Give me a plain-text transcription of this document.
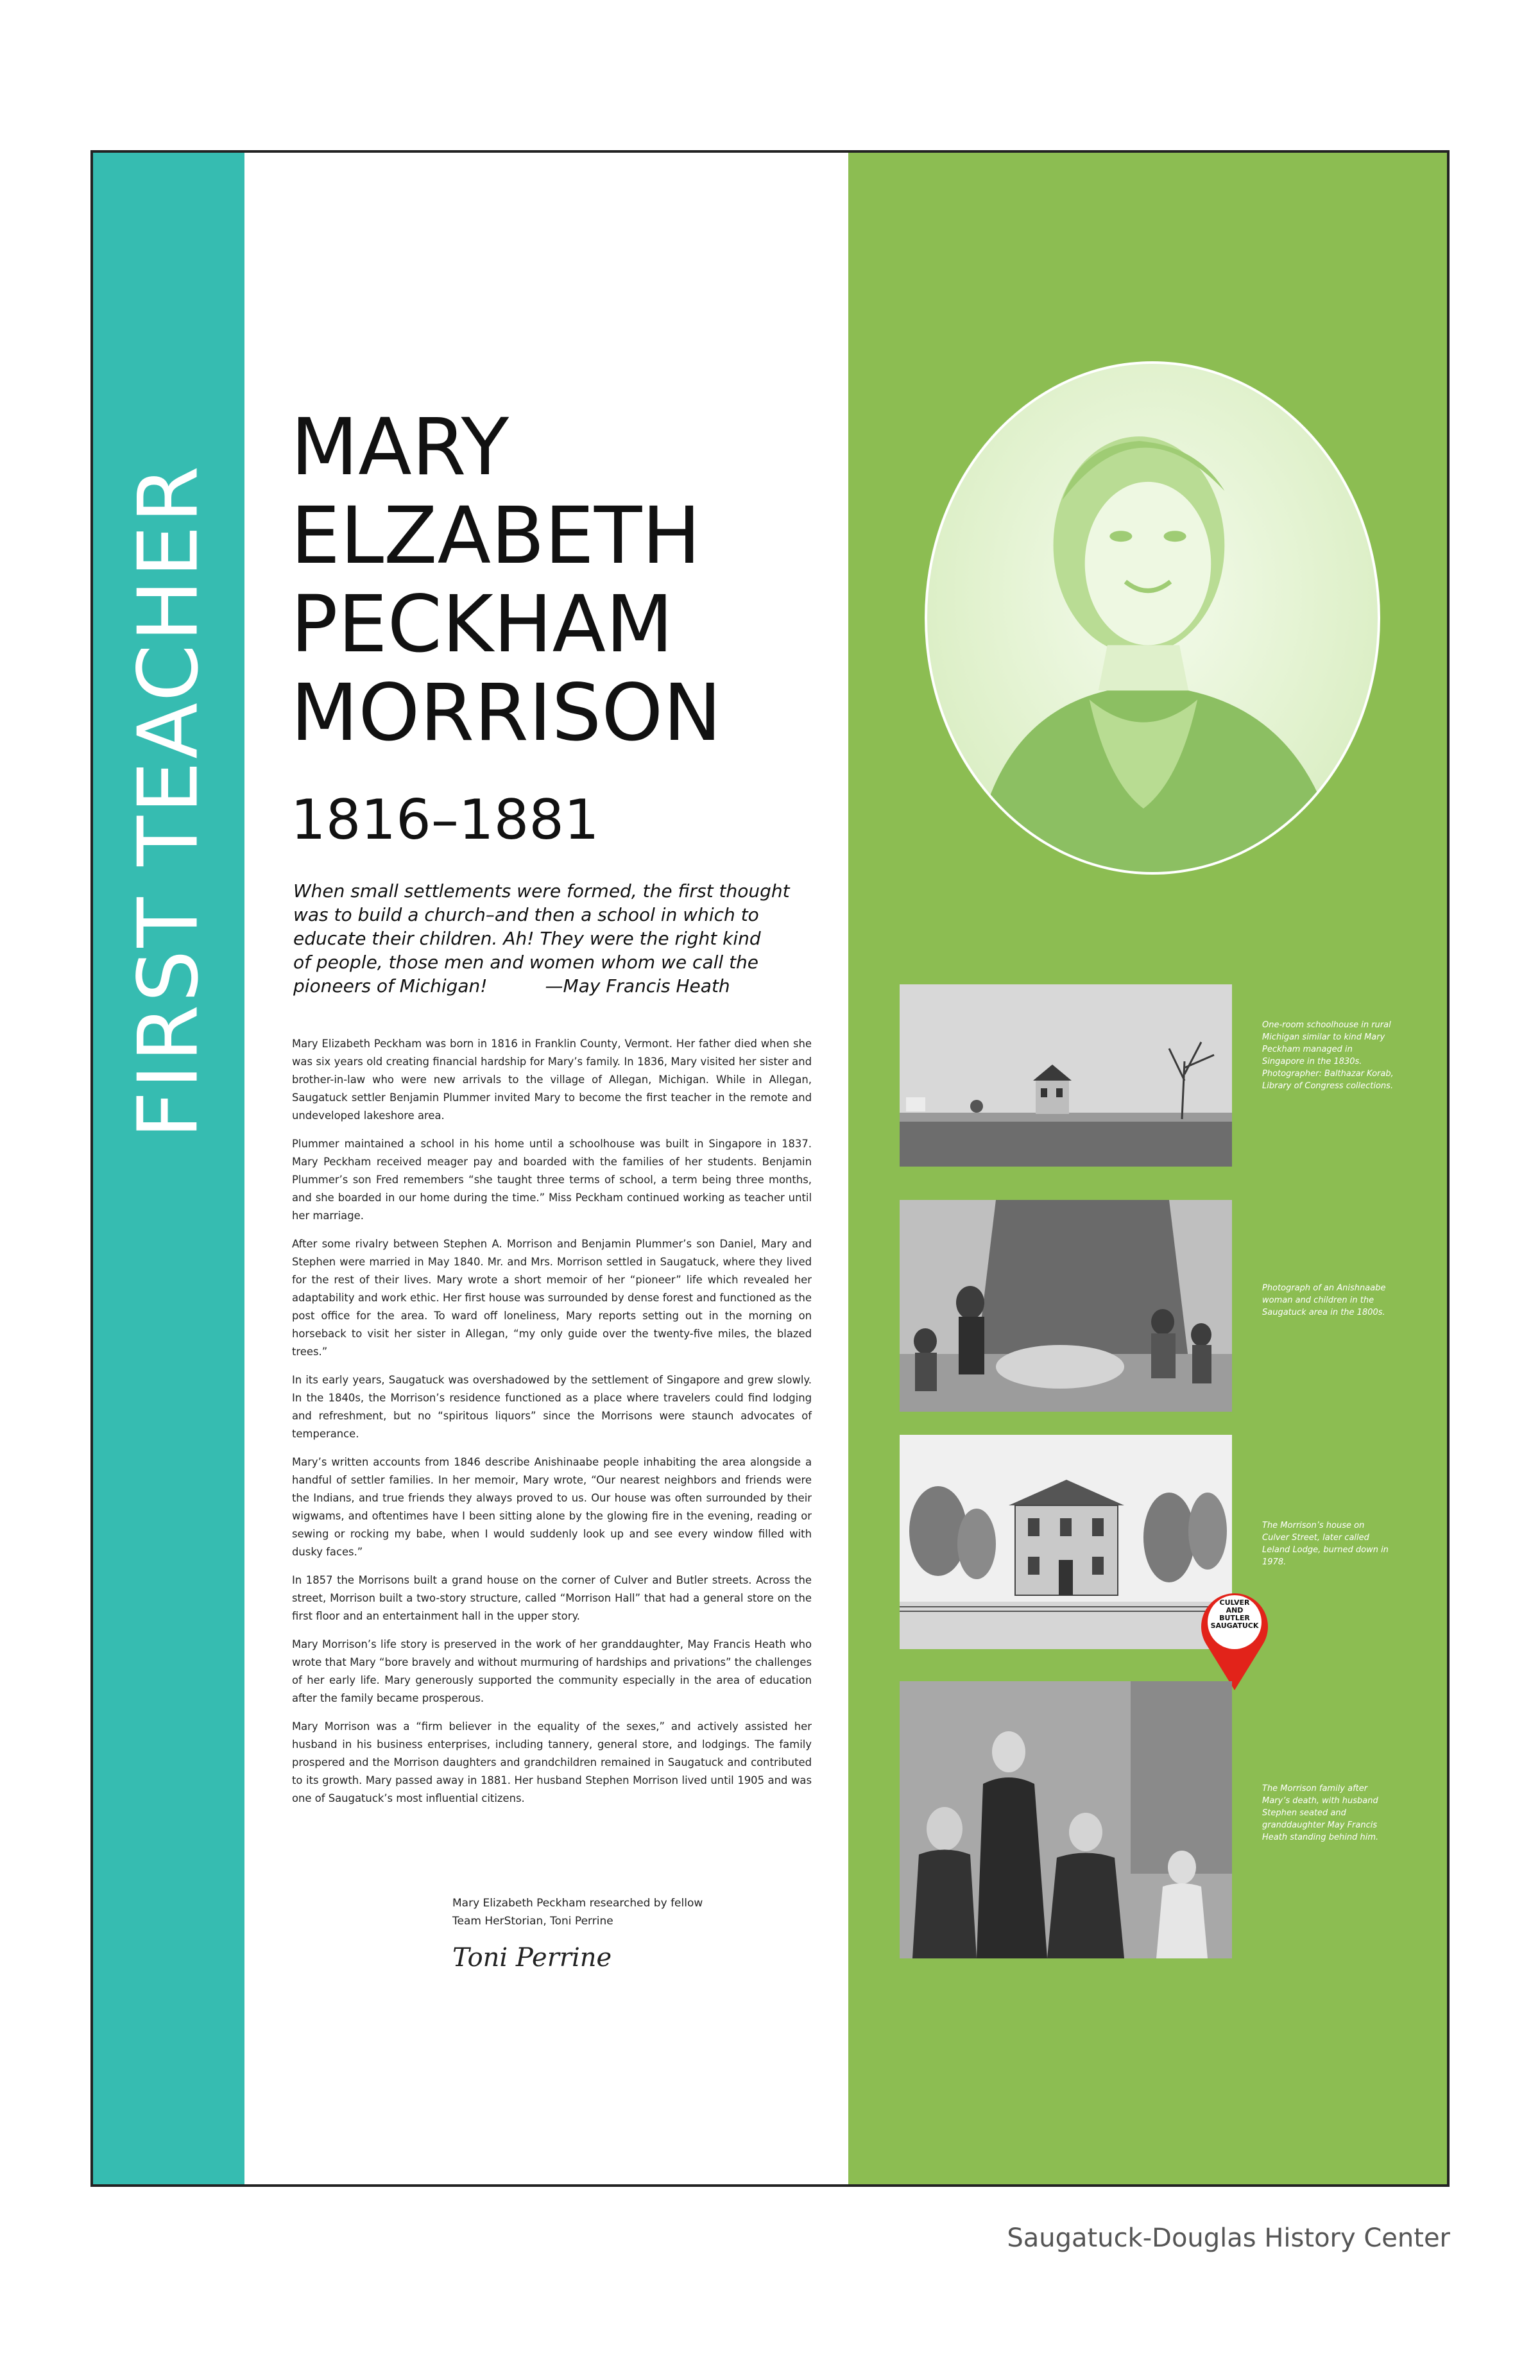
FIRST TEACHER
MARY
ELZABETH
PECKHAM
MORRISON
1816–1881
When small settlements were formed, the first thought
was to build a church–and then a school in which to
educate their children. Ah! They were the right kind
of people, those men and women whom we call the
pioneers of Michigan!	—May Francis Heath

Mary Elizabeth Peckham was born in 1816 in Franklin County, Vermont. Her father died when she was six years old creating financial hardship for Mary’s family. In 1836, Mary visited her sister and brother-in-law who were new arrivals to the village of Allegan, Michigan. While in Allegan, Saugatuck settler Benjamin Plummer invited Mary to become the first teacher in the remote and undeveloped lakeshore area.

Plummer maintained a school in his home until a schoolhouse was built in Singapore in 1837. Mary Peckham received meager pay and boarded with the families of her students. Benjamin Plummer’s son Fred remembers “she taught three terms of school, a term being three months, and she boarded in our home during the time.” Miss Peckham continued working as teacher until her marriage.

After some rivalry between Stephen A. Morrison and Benjamin Plummer’s son Daniel, Mary and Stephen were married in May 1840. Mr. and Mrs. Morrison settled in Saugatuck, where they lived for the rest of their lives. Mary wrote a short memoir of her “pioneer” life which revealed her adaptability and work ethic. Her first house was surrounded by dense forest and functioned as the post office for the area. To ward off loneliness, Mary reports setting out in the morning on horseback to visit her sister in Allegan, “my only guide over the twenty-five miles, the blazed trees.”

In its early years, Saugatuck was overshadowed by the settlement of Singapore and grew slowly. In the 1840s, the Morrison’s residence functioned as a place where travelers could find lodging and refreshment, but no “spiritous liquors” since the Morrisons were staunch advocates of temperance.

Mary’s written accounts from 1846 describe Anishinaabe people inhabiting the area alongside a handful of settler families. In her memoir, Mary wrote, “Our nearest neighbors and friends were the Indians, and true friends they always proved to us. Our house was often surrounded by their wigwams, and oftentimes have I been sitting alone by the glowing fire in the evening, reading or sewing or rocking my babe, when I would suddenly look up and see every window filled with dusky faces.”

In 1857 the Morrisons built a grand house on the corner of Culver and Butler streets. Across the street, Morrison built a two-story structure, called “Morrison Hall” that had a general store on the first floor and an entertainment hall in the upper story.

Mary Morrison’s life story is preserved in the work of her granddaughter, May Francis Heath who wrote that Mary “bore bravely and without murmuring of hardships and privations” the challenges of her early life. Mary generously supported the community especially in the area of education after the family became prosperous.

Mary Morrison was a “firm believer in the equality of the sexes,” and actively assisted her husband in his business enterprises, including tannery, general store, and lodgings. The family prospered and the Morrison daughters and grandchildren remained in Saugatuck and contributed to its growth. Mary passed away in 1881. Her husband Stephen Morrison lived until 1905 and was one of Saugatuck’s most influential citizens.

Mary Elizabeth Peckham researched by fellow
Team HerStorian, Toni Perrine
Toni Perrine
One-room schoolhouse in rural Michigan similar to kind Mary Peckham managed in Singapore in the 1830s. Photographer: Balthazar Korab, Library of Congress collections.
Photograph of an Anishnaabe woman and children in the Saugatuck area in the 1800s.
The Morrison’s house on Culver Street, later called Leland Lodge, burned down in 1978.
CULVER
AND
BUTLER
SAUGATUCK
The Morrison family after Mary’s death, with husband Stephen seated and granddaughter May Francis Heath standing behind him.
Saugatuck-Douglas History Center
